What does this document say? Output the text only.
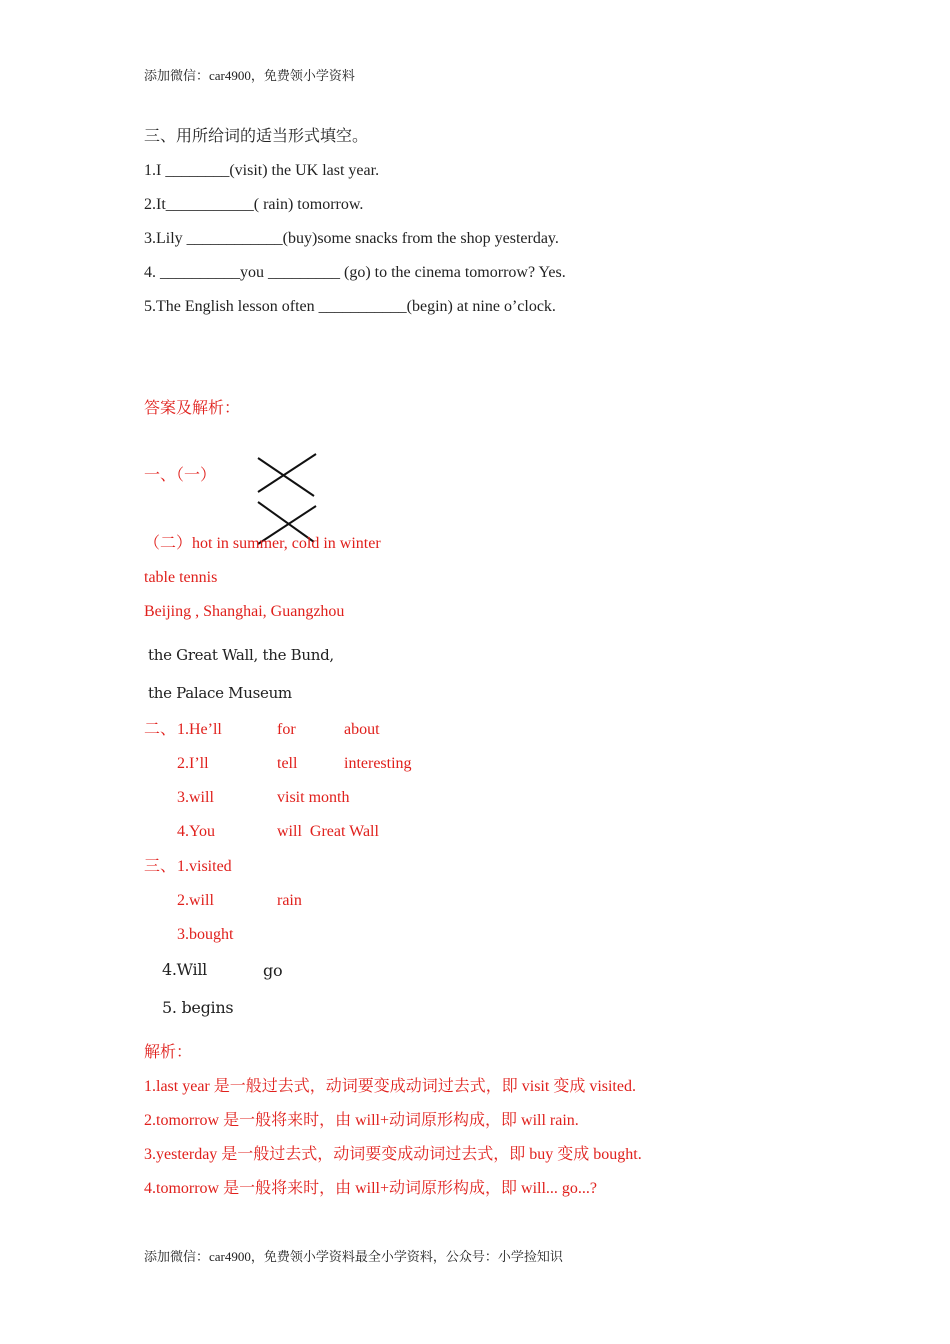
添加微信：car4900，免费领小学资料
三、用所给词的适当形式填空。
1.I ________(visit) the UK last year.
2.It___________( rain) tomorrow.
3.Lily ____________(buy)some snacks from the shop yesterday.
4. __________you _________ (go) to the cinema tomorrow? Yes.
5.The English lesson often ___________(begin) at nine o’clock.
答案及解析：
一、（一）
（二）hot in summer, cold in winter
table tennis
Beijing , Shanghai, Guangzhou
the Great Wall, the Bund,
the Palace Museum
二、 1.He’ll	for	about
2.I’ll	tell	interesting
3.will	visit month
4.You	will  Great Wall
三、 1.visited
2.will	rain
3.bought
4.Will	go
5. begins
解析：
1.last year 是一般过去式，动词要变成动词过去式，即 visit 变成 visited.
2.tomorrow 是一般将来时，由 will+动词原形构成，即 will rain.
3.yesterday 是一般过去式，动词要变成动词过去式，即 buy 变成 bought.
4.tomorrow 是一般将来时，由 will+动词原形构成，即 will... go...?
添加微信：car4900，免费领小学资料最全小学资料，公众号：小学捡知识
